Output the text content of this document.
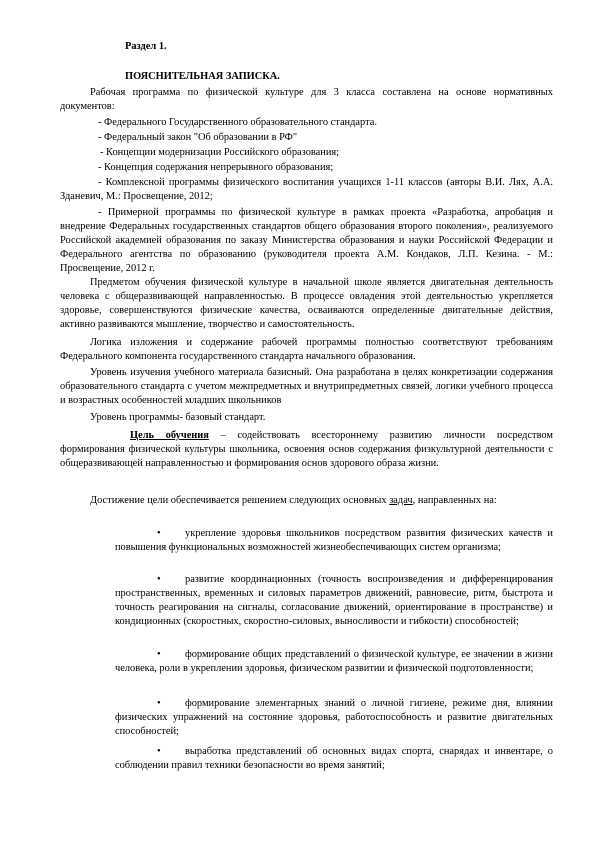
Раздел 1.
ПОЯСНИТЕЛЬНАЯ ЗАПИСКА.

Рабочая программа по физической культуре для 3 класса составлена на основе нормативных документов:

- Федерального Государственного образовательного стандарта.

- Федеральный закон "Об образовании в РФ"

- Концепции модернизации Российского образования;

- Концепция содержания непрерывного образования;

- Комплексной программы физического воспитания учащихся 1-11 классов (авторы В.И. Лях, А.А. Зданевич, М.: Просвещение, 2012;

- Примерной программы по физической культуре в рамках проекта «Разработка, апробация и внедрение Федеральных государственных стандартов общего образования второго поколения», реализуемого Российской академией образования по заказу Министерства образования и науки Российской Федерации и Федерального агентства по образованию (руководителя проекта А.М. Кондаков, Л.П. Кезина. - М.: Просвещение, 2012 г.

Предметом обучения физической культуре в начальной школе является двигательная деятельность человека с общеразвивающей направленностью. В процессе овладения этой деятельностью укрепляется здоровье, совершенствуются физические качества, осваиваются определенные двигательные действия, активно развиваются мышление, творчество и самостоятельность.

Логика изложения и содержание рабочей программы полностью соответствуют требованиям Федерального компонента государственного стандарта начального образования.

Уровень изучения учебного материала базисный. Она разработана в целях конкретизации содержания образовательного стандарта с учетом межпредметных и внутрипредметных связей, логики учебного процесса и возрастных особенностей младших школьников

Уровень программы- базовый стандарт.

Цель обучения – содействовать всестороннему развитию личности посредством формирования физической культуры школьника, освоения основ содержания физкультурной деятельности с общеразвивающей направленностью и формирования основ здорового образа жизни.

Достижение цели обеспечивается решением следующих основных задач, направленных на:

• укрепление здоровья школьников посредством развития физических качеств и повышения функциональных возможностей жизнеобеспечивающих систем организма;

• развитие координационных (точность воспроизведения и дифференцирования пространственных, временных и силовых параметров движений, равновесие, ритм, быстрота и точность реагирования на сигналы, согласование движений, ориентирование в пространстве) и кондиционных (скоростных, скоростно-силовых, выносливости и гибкости) способностей;

• формирование общих представлений о физической культуре, ее значении в жизни человека, роли в укреплении здоровья, физическом развитии и физической подготовленности;

• формирование элементарных знаний о личной гигиене, режиме дня, влиянии физических упражнений на состояние здоровья, работоспособность и развитие двигательных способностей;

• выработка представлений об основных видах спорта, снарядах и инвентаре, о соблюдении правил техники безопасности во время занятий;
